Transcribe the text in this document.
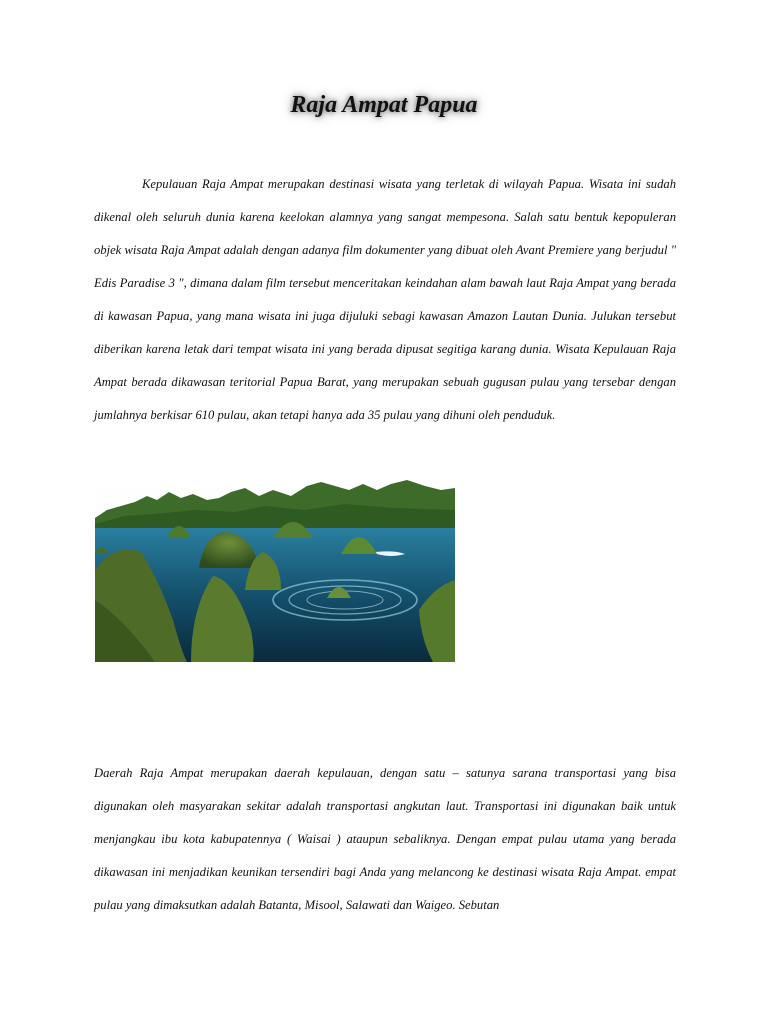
Raja Ampat Papua

Kepulauan Raja Ampat merupakan destinasi wisata yang terletak di wilayah Papua. Wisata ini sudah dikenal oleh seluruh dunia karena keelokan alamnya yang sangat mempesona. Salah satu bentuk kepopuleran objek wisata Raja Ampat adalah dengan adanya film dokumenter yang dibuat oleh Avant Premiere yang berjudul " Edis Paradise 3 ", dimana dalam film tersebut menceritakan keindahan alam bawah laut Raja Ampat yang berada di kawasan Papua, yang mana wisata ini juga dijuluki sebagi kawasan Amazon Lautan Dunia. Julukan tersebut diberikan karena letak dari tempat wisata ini yang berada dipusat segitiga karang dunia. Wisata Kepulauan Raja Ampat berada dikawasan teritorial Papua Barat, yang merupakan sebuah gugusan pulau yang tersebar dengan jumlahnya berkisar 610 pulau, akan tetapi hanya ada 35 pulau yang dihuni oleh penduduk.

Daerah Raja Ampat merupakan daerah kepulauan, dengan satu – satunya sarana transportasi yang bisa digunakan oleh masyarakan sekitar adalah transportasi angkutan laut. Transportasi ini digunakan baik untuk menjangkau ibu kota kabupatennya ( Waisai ) ataupun sebaliknya. Dengan empat pulau utama yang berada dikawasan ini menjadikan keunikan tersendiri bagi Anda yang melancong ke destinasi wisata Raja Ampat. empat pulau yang dimaksutkan adalah Batanta, Misool, Salawati dan Waigeo. Sebutan
